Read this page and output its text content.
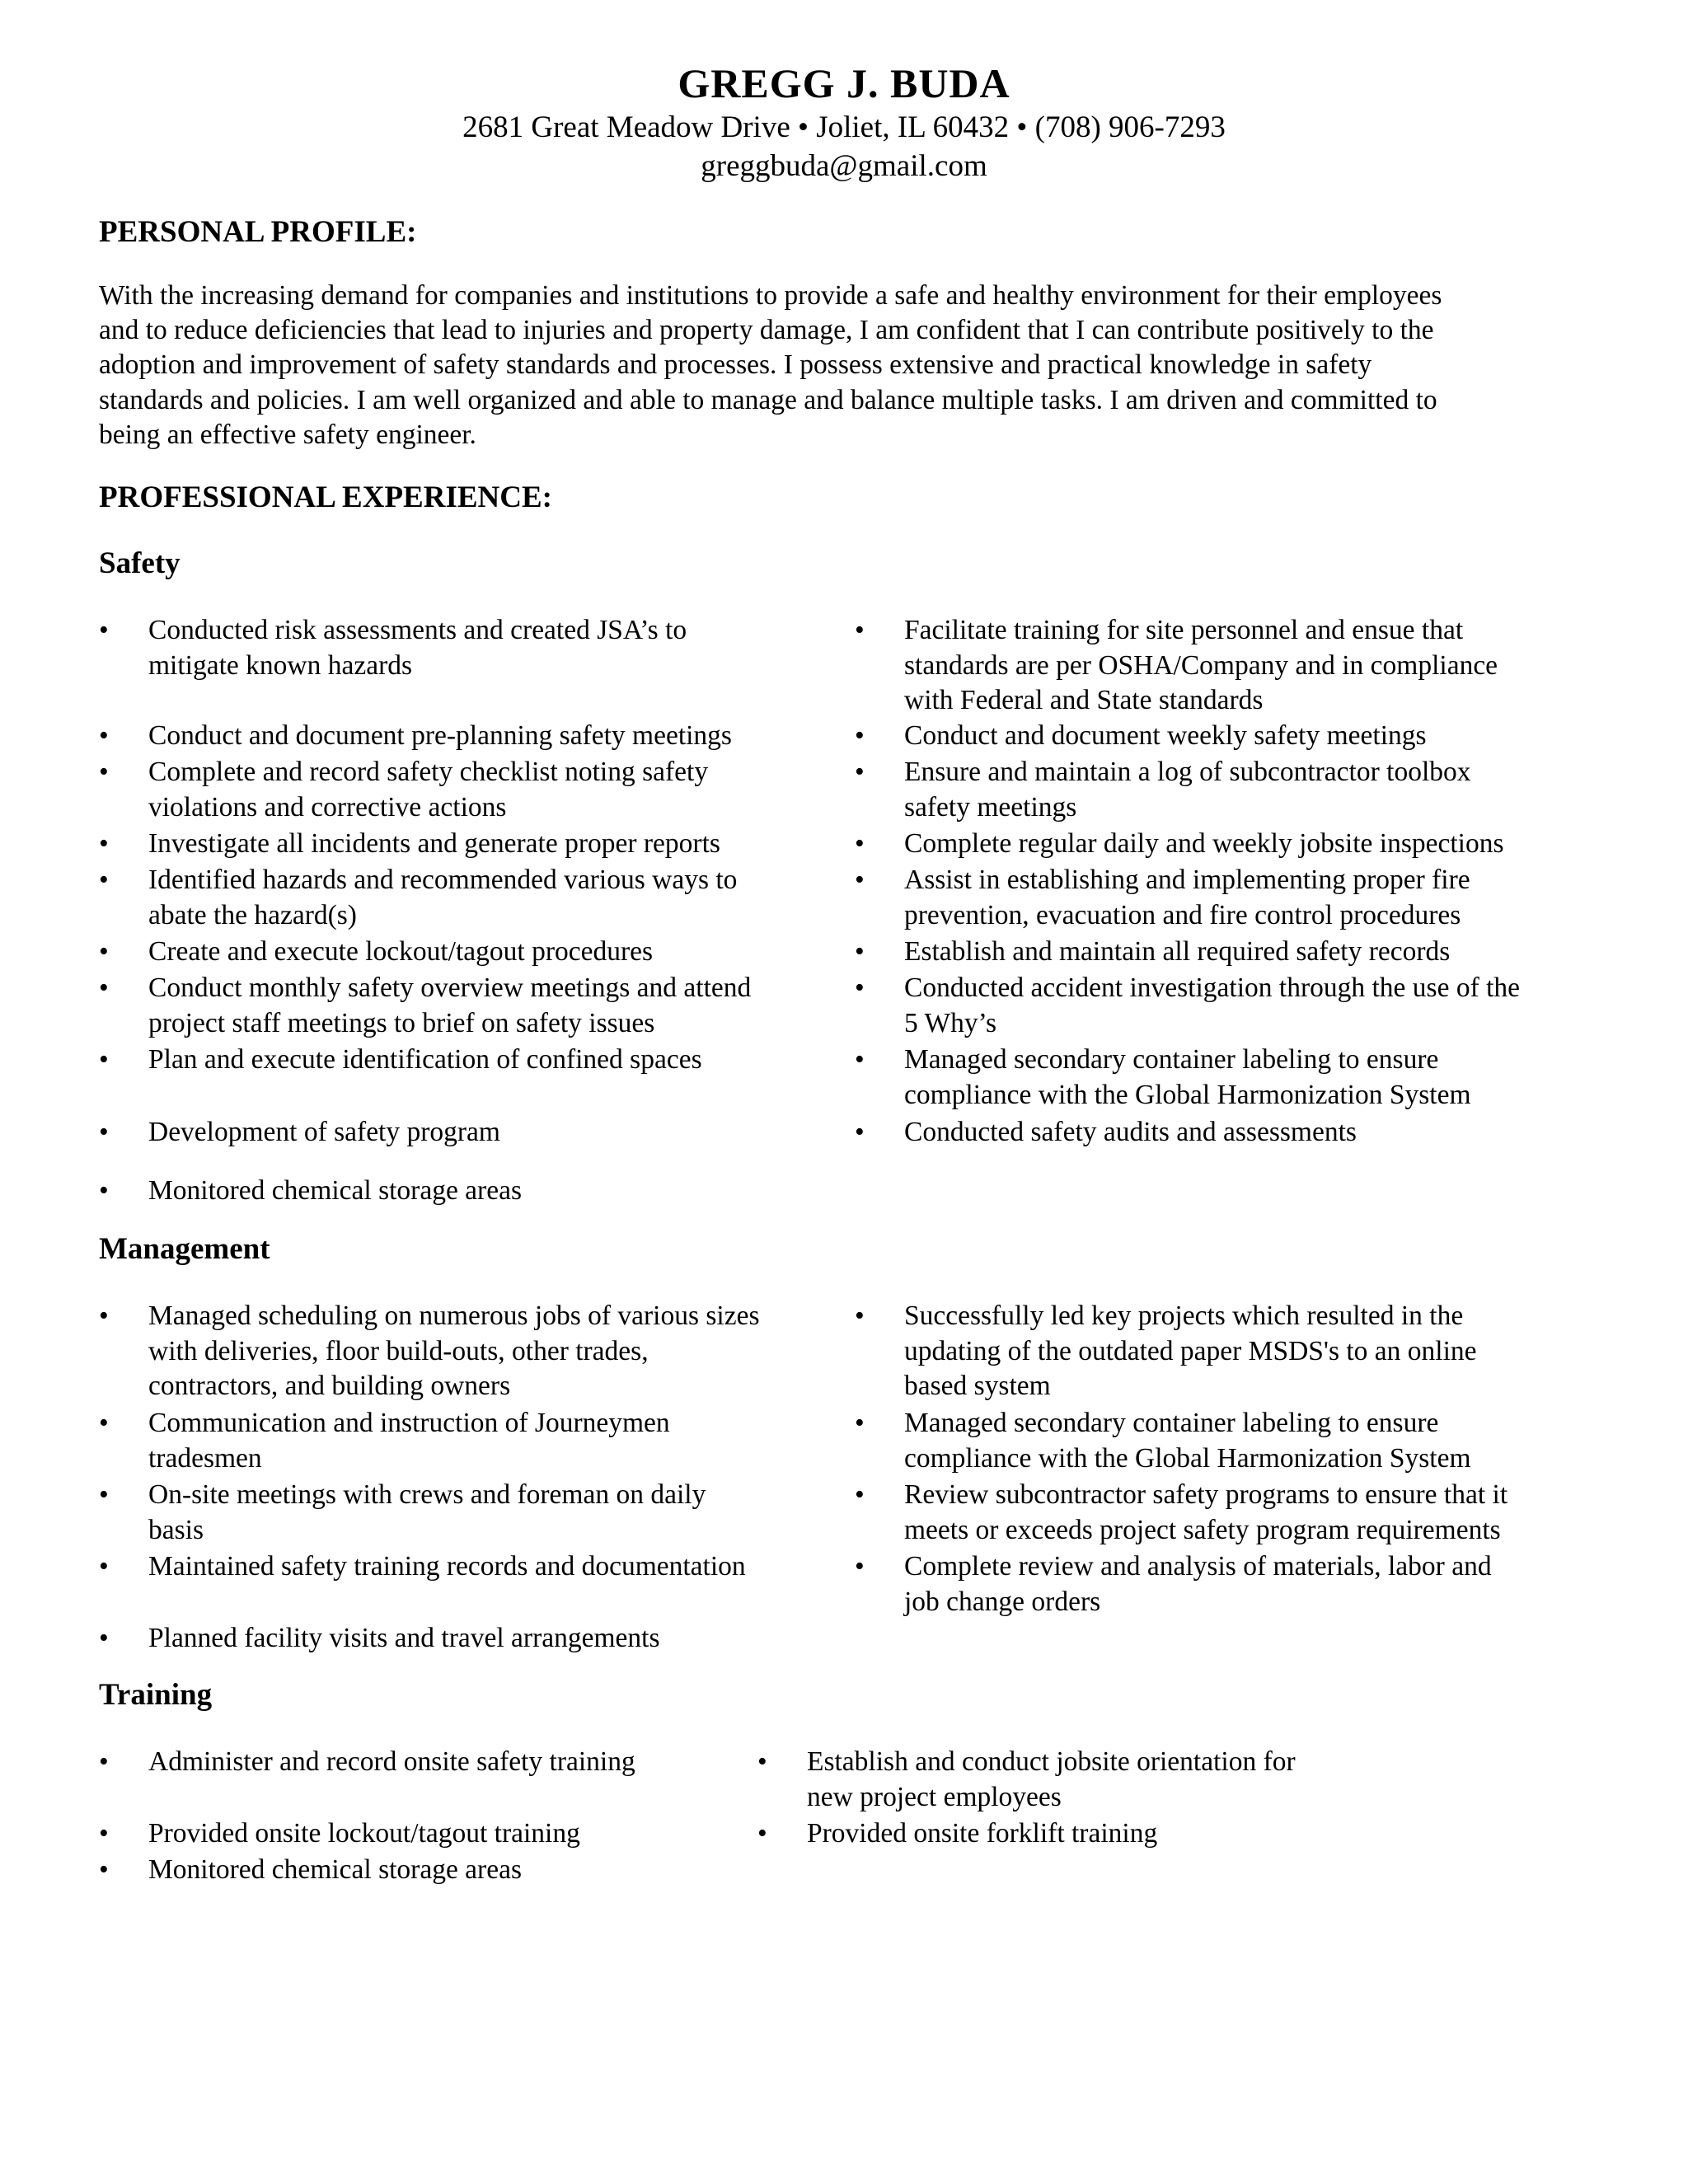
GREGG J. BUDA
2681 Great Meadow Drive • Joliet, IL 60432 • (708) 906-7293
greggbuda@gmail.com
PERSONAL PROFILE:
With the increasing demand for companies and institutions to provide a safe and healthy environment for their employees
and to reduce deficiencies that lead to injuries and property damage, I am confident that I can contribute positively to the
adoption and improvement of safety standards and processes. I possess extensive and practical knowledge in safety
standards and policies. I am well organized and able to manage and balance multiple tasks. I am driven and committed to
being an effective safety engineer.
PROFESSIONAL EXPERIENCE:
Safety
•	Conducted risk assessments and created JSA’s to
mitigate known hazards
•	Conduct and document pre-planning safety meetings
•	Complete and record safety checklist noting safety
violations and corrective actions
•	Investigate all incidents and generate proper reports
•	Identified hazards and recommended various ways to
abate the hazard(s)
•	Create and execute lockout/tagout procedures
•	Conduct monthly safety overview meetings and attend
project staff meetings to brief on safety issues
•	Plan and execute identification of confined spaces
•	Development of safety program
•	Monitored chemical storage areas
•	Facilitate training for site personnel and ensue that
standards are per OSHA/Company and in compliance
with Federal and State standards
•	Conduct and document weekly safety meetings
•	Ensure and maintain a log of subcontractor toolbox
safety meetings
•	Complete regular daily and weekly jobsite inspections
•	Assist in establishing and implementing proper fire
prevention, evacuation and fire control procedures
•	Establish and maintain all required safety records
•	Conducted accident investigation through the use of the
5 Why’s
•	Managed secondary container labeling to ensure
compliance with the Global Harmonization System
•	Conducted safety audits and assessments
Management
•	Managed scheduling on numerous jobs of various sizes
with deliveries, floor build-outs, other trades,
contractors, and building owners
•	Communication and instruction of Journeymen
tradesmen
•	On-site meetings with crews and foreman on daily
basis
•	Maintained safety training records and documentation
•	Planned facility visits and travel arrangements
•	Successfully led key projects which resulted in the
updating of the outdated paper MSDS's to an online
based system
•	Managed secondary container labeling to ensure
compliance with the Global Harmonization System
•	Review subcontractor safety programs to ensure that it
meets or exceeds project safety program requirements
•	Complete review and analysis of materials, labor and
job change orders
Training
•	Administer and record onsite safety training
•	Provided onsite lockout/tagout training
•	Monitored chemical storage areas
•	Establish and conduct jobsite orientation for
new project employees
•	Provided onsite forklift training
